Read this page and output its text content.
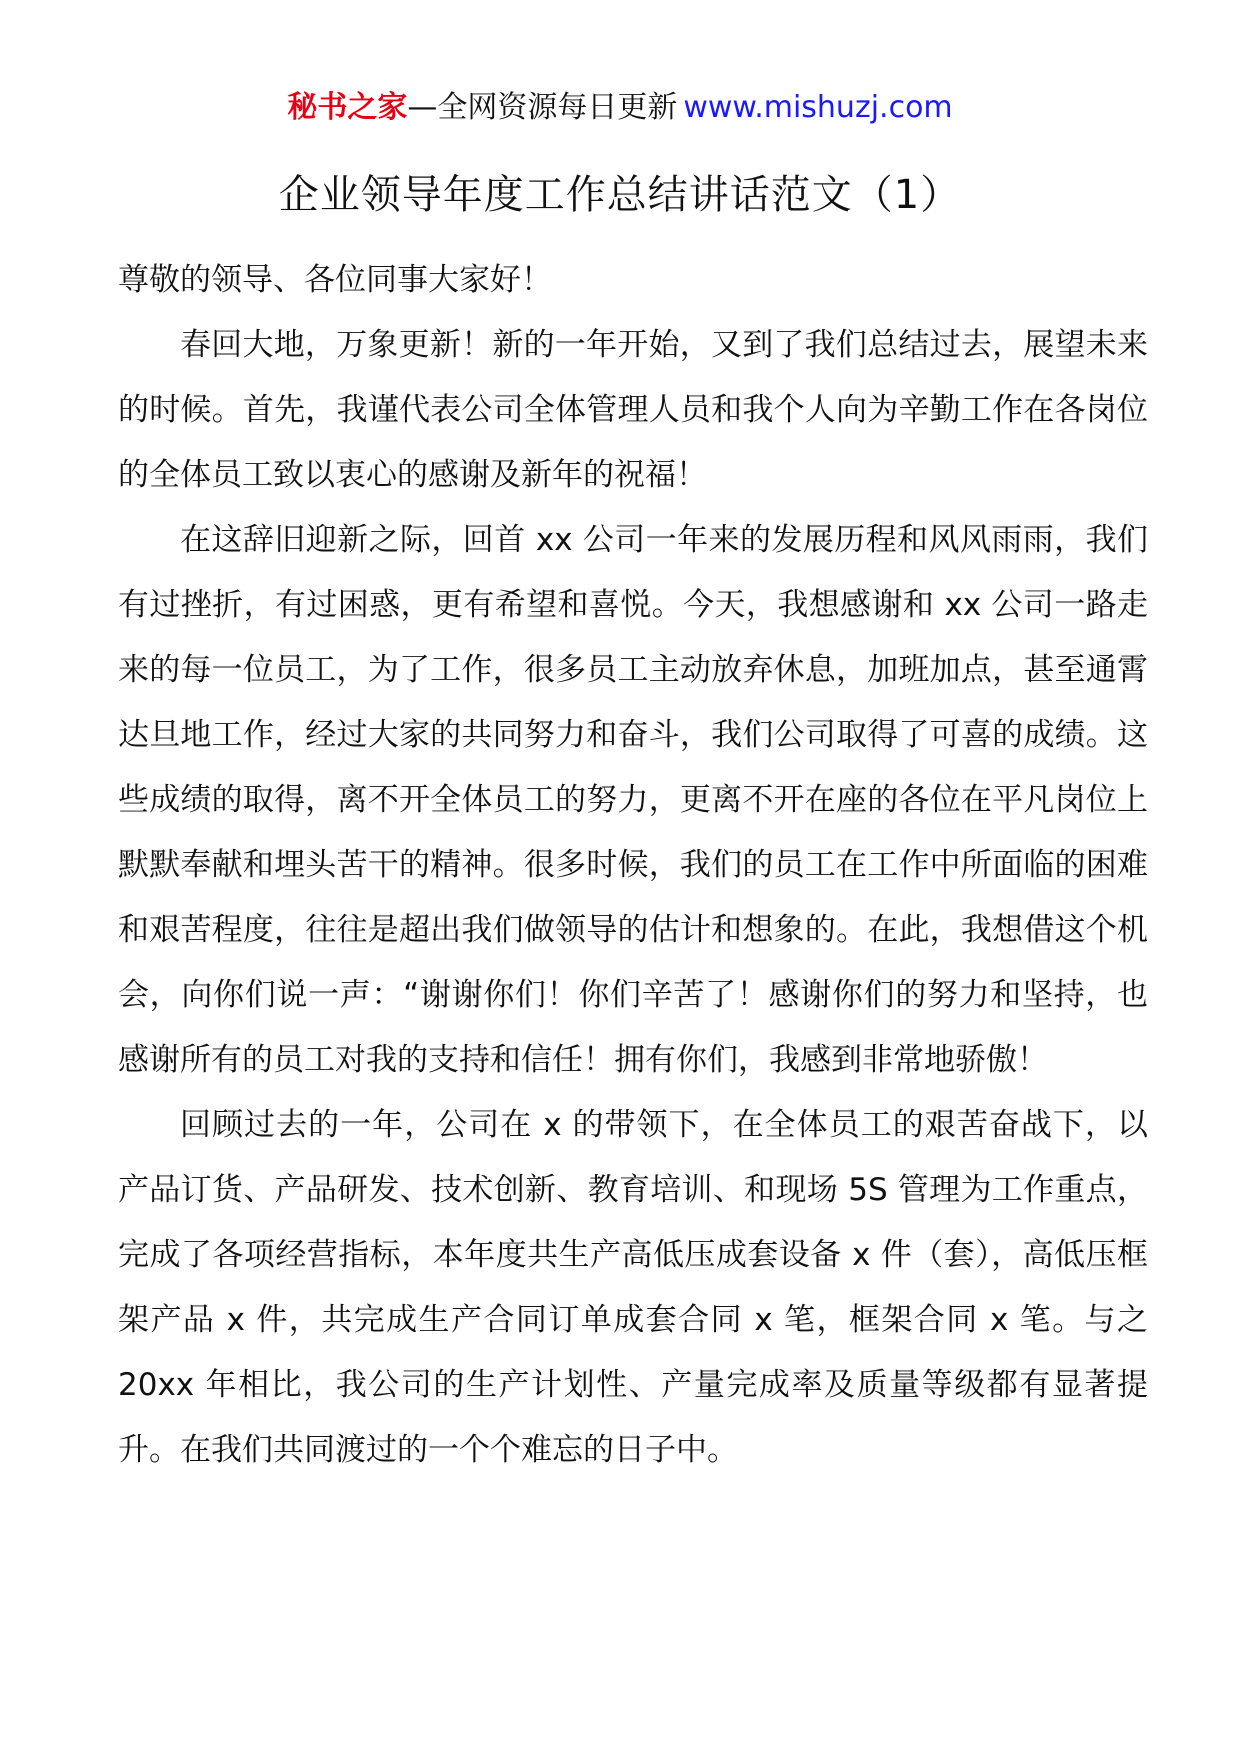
秘书之家—全网资源每日更新 www.mishuzj.com
企业领导年度工作总结讲话范文（1）

尊敬的领导、各位同事大家好！

春回大地，万象更新！新的一年开始，又到了我们总结过去，展望未来的时候。首先，我谨代表公司全体管理人员和我个人向为辛勤工作在各岗位的全体员工致以衷心的感谢及新年的祝福！

在这辞旧迎新之际，回首 xx 公司一年来的发展历程和风风雨雨，我们有过挫折，有过困惑，更有希望和喜悦。今天，我想感谢和 xx 公司一路走来的每一位员工，为了工作，很多员工主动放弃休息，加班加点，甚至通霄达旦地工作，经过大家的共同努力和奋斗，我们公司取得了可喜的成绩。这些成绩的取得，离不开全体员工的努力，更离不开在座的各位在平凡岗位上默默奉献和埋头苦干的精神。很多时候，我们的员工在工作中所面临的困难和艰苦程度，往往是超出我们做领导的估计和想象的。在此，我想借这个机会，向你们说一声：“谢谢你们！你们辛苦了！感谢你们的努力和坚持，也感谢所有的员工对我的支持和信任！拥有你们，我感到非常地骄傲！

回顾过去的一年，公司在 x 的带领下，在全体员工的艰苦奋战下，以产品订货、产品研发、技术创新、教育培训、和现场 5S 管理为工作重点，完成了各项经营指标，本年度共生产高低压成套设备 x 件（套），高低压框架产品 x 件，共完成生产合同订单成套合同 x 笔，框架合同 x 笔。与之 20xx 年相比，我公司的生产计划性、产量完成率及质量等级都有显著提升。在我们共同渡过的一个个难忘的日子中。
